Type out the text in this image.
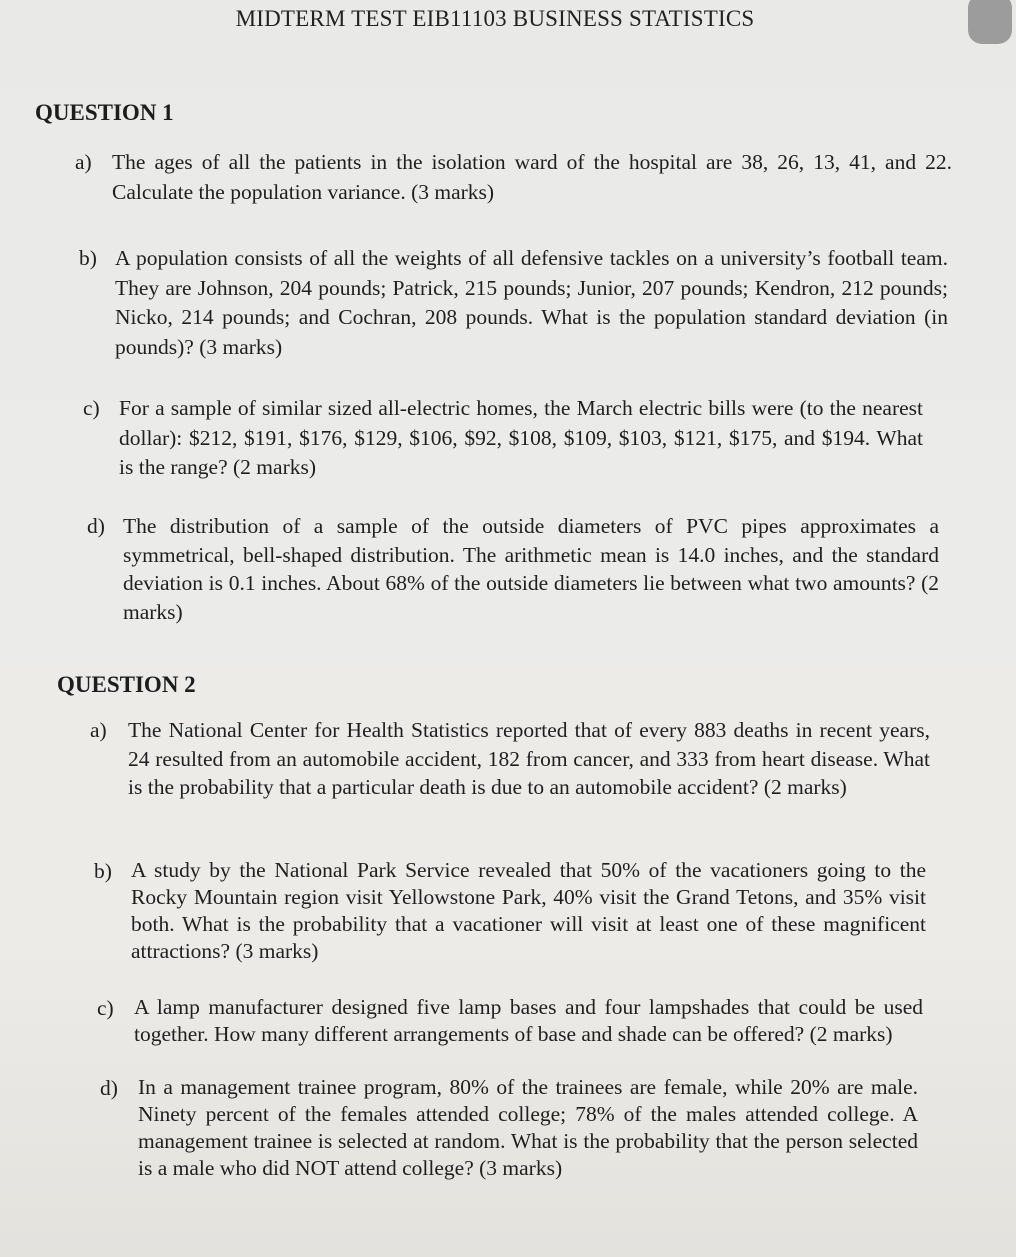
MIDTERM TEST EIB11103 BUSINESS STATISTICS
QUESTION 1
a) The ages of all the patients in the isolation ward of the hospital are 38, 26, 13, 41, and 22. Calculate the population variance. (3 marks)
b) A population consists of all the weights of all defensive tackles on a university’s football team. They are Johnson, 204 pounds; Patrick, 215 pounds; Junior, 207 pounds; Kendron, 212 pounds; Nicko, 214 pounds; and Cochran, 208 pounds. What is the population standard deviation (in pounds)? (3 marks)
c) For a sample of similar sized all-electric homes, the March electric bills were (to the nearest dollar): $212, $191, $176, $129, $106, $92, $108, $109, $103, $121, $175, and $194. What is the range? (2 marks)
d) The distribution of a sample of the outside diameters of PVC pipes approximates a symmetrical, bell-shaped distribution. The arithmetic mean is 14.0 inches, and the standard deviation is 0.1 inches. About 68% of the outside diameters lie between what two amounts? (2 marks)
QUESTION 2
a) The National Center for Health Statistics reported that of every 883 deaths in recent years, 24 resulted from an automobile accident, 182 from cancer, and 333 from heart disease. What is the probability that a particular death is due to an automobile accident? (2 marks)
b) A study by the National Park Service revealed that 50% of the vacationers going to the Rocky Mountain region visit Yellowstone Park, 40% visit the Grand Tetons, and 35% visit both. What is the probability that a vacationer will visit at least one of these magnificent attractions? (3 marks)
c) A lamp manufacturer designed five lamp bases and four lampshades that could be used together. How many different arrangements of base and shade can be offered? (2 marks)
d) In a management trainee program, 80% of the trainees are female, while 20% are male. Ninety percent of the females attended college; 78% of the males attended college. A management trainee is selected at random. What is the probability that the person selected is a male who did NOT attend college? (3 marks)
